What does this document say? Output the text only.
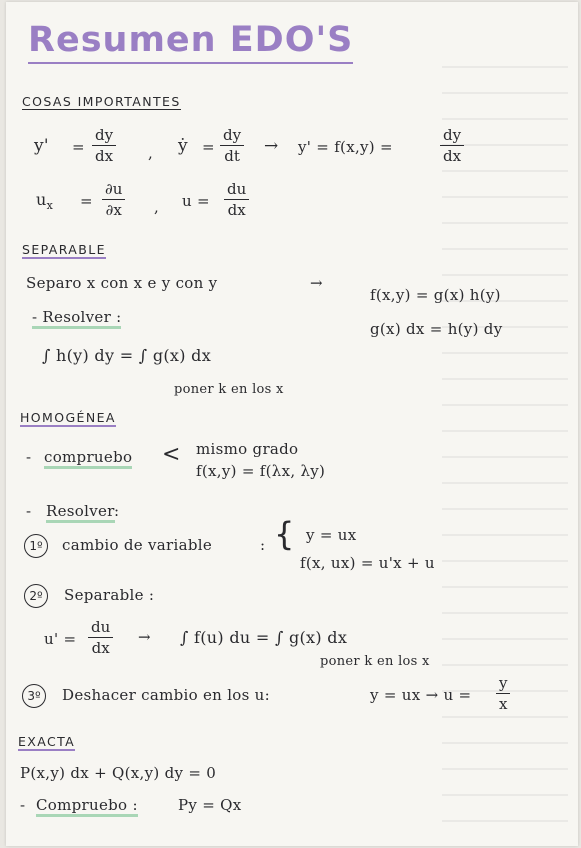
Resumen EDO'S
COSAS IMPORTANTES
$y' = \frac{dy}{dx}$ , ẏ = $\frac{dy}{dt} \to y' = f(x,y)$ =	$\frac{dy}{dx}$
$u_x = \frac{\partial u}{\partial x}$ , $u = \frac{du}{dx}$
SEPARABLE
Separo x con x e y con y	→
f(x,y) = g(x) h(y)
g(x) dx = h(y) dy
- Resolver :
∫ h(y) dy = ∫ g(x) dx
poner k en los x
HOMOGÉNEA
- compruebo < mismo grado
f(x,y) = f(λx, λy)
- Resolver :
1º	cambio de variable	: { y = ux
f(x, ux) = u'x + u
2º	Separable :
$u' = \frac{du}{dx}$ → ∫ f(u) du = ∫ g(x) dx
poner k en los x
3º	Deshacer cambio en los u:	y = ux → $u = \frac{y}{x}$
EXACTA
P(x,y) dx + Q(x,y) dy = 0
- Compruebo :	Py = Qx
